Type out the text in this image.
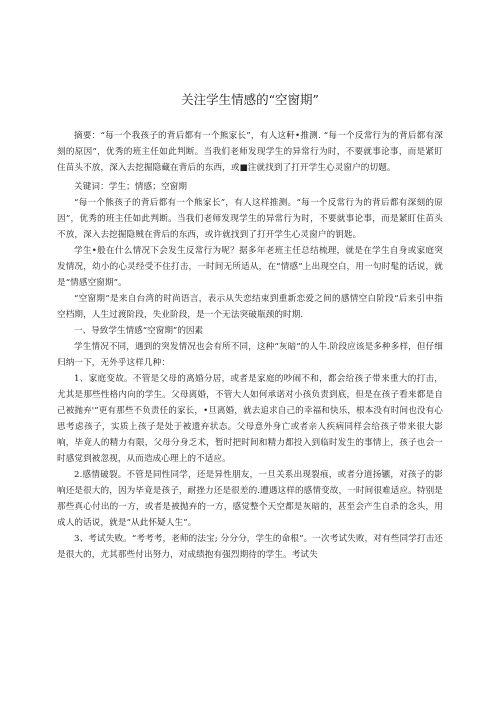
关注学生情感的“空窗期”

摘要：“每一个我孩子的背后都有一个熊家长”，有人这軒•推测. “每一个反常行为的背后都有深刻的原因”，优秀的班主任如此判断。当我们老师发现学生的异常行为时，不要就事论事，而是紧盯住苗头不放，深入去挖掘隐藏在背后的东西，或■注就找到了打开学生心灵窗户的切题。

关键词：学生；情感；空窗期

“每一个熊孩子的背后都有一个熊家长”，有人这样推测。“每一个反常行为的背后都有深刻的原因”，优秀的班主任如此判断。当我们老师发现学生的异常行为时，不要就事论事，而是紧盯住苗头不放，深入去挖掘隐贼在背后的东西，或许就找到了打开学生心灵窗户的钥匙。

学生•般在什么情况下会发生反常行为呢？据多年老班主任总结梳理，就是在学生自身或家庭突发情况，幼小的心灵经受不住打击，一时间无所适从，在“情感”上出现空白，用一句时髦的话说，就是“情感空窗期”。

“空窗期”是来自台湾的时尚语言，表示从失恋结束到重新恋爱之间的感情空白阶段“后来引申指空档期，人生过渡阶段，失业阶段，是一个无法突破瓶颈的时期.

一、导致学生情感“空窗期”的因素

学生情况不同，遇到的突发情况也会有所不同，这种“灰暗”的人牛.阶段应该是多种多样，但仔细归纳一下，无外乎这样几种：

1、家庭变故。不管是父母的离婚分居，或者是家庭的吵闹不和，都会给孩子带来重大的打击，尤其是那些性格内向的学生。父母离婚，不管大人如何承诺对小孩负责到底，但是在孩子看来都是自己被抛弃'”更有那些不负责任的家长，•旦离婚，就去追求自己的幸福和快乐，根本没有时间也没有心思考虑孩子，实质上孩子是处于被遗弃状态。父母意外身亡或者亲人疾病同样会给孩子带来很大影响，毕竟人的精力有限，父母分身乏术，暂时把时间和精力都投入到临时发生的事情上，孩子也会一时感觉到被忽视，从而造成心理上的不适应。

2.感情破裂。不管是同性同学，还是异性朋友，一旦关系出现裂痕，或者分道扬镳，对孩子的影响还是很大的，因为毕竟是孩子，耐挫力还是很差的.遭遇这样的感情变故，一时间很难适应。特别是那些真心付出的一方，或者是被抛弃的一方，感觉整个天空都是灰暗的，甚至会产生自杀的念头，用成人的话说，就是“从此怀疑人生”。

3、考试失败。“考考考，老师的法宝; 分分分，学生的命根”。一次考试失败，对有些同学打击还是很大的，尤其那些付出努力，对成绩抱有强烈期待的学生。考试失
